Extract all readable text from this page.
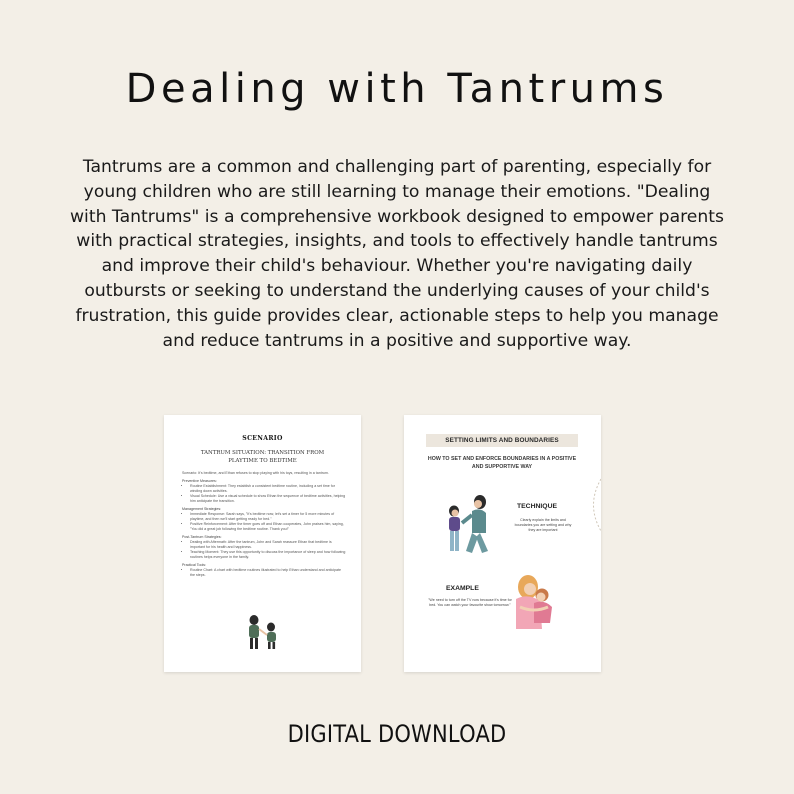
Dealing with Tantrums
Tantrums are a common and challenging part of parenting, especially for young children who are still learning to manage their emotions. "Dealing with Tantrums" is a comprehensive workbook designed to empower parents with practical strategies, insights, and tools to effectively handle tantrums and improve their child's behaviour. Whether you're navigating daily outbursts or seeking to understand the underlying causes of your child's frustration, this guide provides clear, actionable steps to help you manage and reduce tantrums in a positive and supportive way.
SCENARIO
TANTRUM SITUATION: TRANSITION FROM PLAYTIME TO BEDTIME
Scenario: It's bedtime, and Ethan refuses to stop playing with his toys, resulting in a tantrum.
Preventive Measures:
• Routine Establishment: They establish a consistent bedtime routine, including a set time for winding down activities.
• Visual Schedule: Use a visual schedule to show Ethan the sequence of bedtime activities, helping him anticipate the transition.
Management Strategies:
• Immediate Response: Sarah says, "It's bedtime now; let's set a timer for 5 more minutes of playtime, and then we'll start getting ready for bed."
• Positive Reinforcement: After the timer goes off and Ethan cooperates, John praises him, saying, "You did a great job following the bedtime routine. Thank you!"
Post-Tantrum Strategies:
• Dealing with Aftermath: After the tantrum, John and Sarah reassure Ethan that bedtime is important for his health and happiness.
• Teaching Moment: They use this opportunity to discuss the importance of sleep and how following routines helps everyone in the family.
Practical Tools:
• Routine Chart: A chart with bedtime routines illustrated to help Ethan understand and anticipate the steps.
SETTING LIMITS AND BOUNDARIES
HOW TO SET AND ENFORCE BOUNDARIES IN A POSITIVE AND SUPPORTIVE WAY
TECHNIQUE
Clearly explain the limits and boundaries you are setting and why they are important
EXAMPLE
"We need to turn off the TV now because it's time for bed. You can watch your favourite show tomorrow."
DIGITAL DOWNLOAD
